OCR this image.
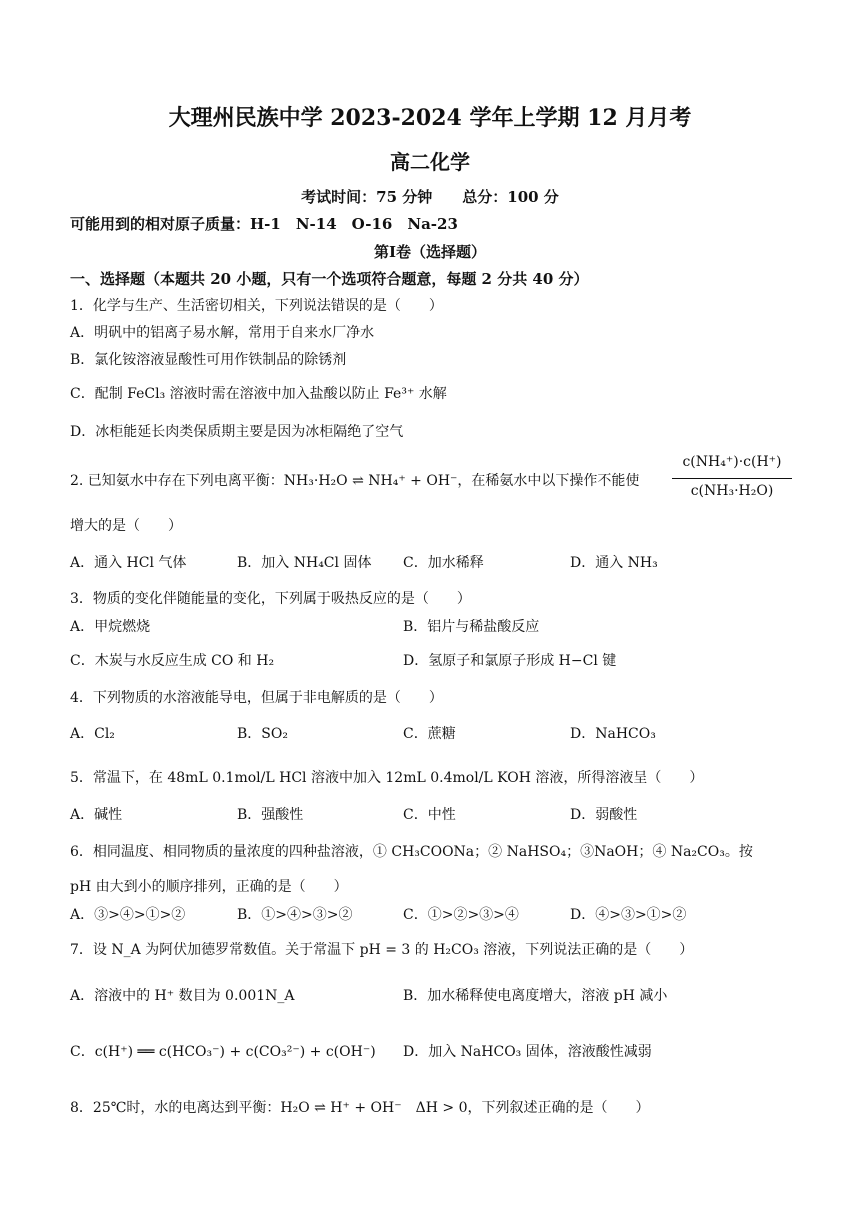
大理州民族中学 2023-2024 学年上学期 12 月月考
高二化学
考试时间：75 分钟　　总分：100 分
可能用到的相对原子质量：H-1　N-14　O-16　Na-23
第Ⅰ卷（选择题）
一、选择题（本题共 20 小题，只有一个选项符合题意，每题 2 分共 40 分）
1．化学与生产、生活密切相关，下列说法错误的是（　　）
A．明矾中的铝离子易水解，常用于自来水厂净水
B．氯化铵溶液显酸性可用作铁制品的除锈剂
C．配制 FeCl₃ 溶液时需在溶液中加入盐酸以防止 Fe³⁺ 水解
D．冰柜能延长肉类保质期主要是因为冰柜隔绝了空气
2. 已知氨水中存在下列电离平衡：NH₃·H₂O ⇌ NH₄⁺ + OH⁻，在稀氨水中以下操作不能使
c(NH₄⁺)·c(H⁺)
c(NH₃·H₂O)
增大的是（　　）
A．通入 HCl 气体	B．加入 NH₄Cl 固体 C．加水稀释	D．通入 NH₃
3．物质的变化伴随能量的变化，下列属于吸热反应的是（　　）
A．甲烷燃烧	B．铝片与稀盐酸反应
C．木炭与水反应生成 CO 和 H₂	D．氢原子和氯原子形成 H−Cl 键
4．下列物质的水溶液能导电，但属于非电解质的是（　　）
A．Cl₂	B．SO₂	C．蔗糖	D．NaHCO₃
5．常温下，在 48mL 0.1mol/L HCl 溶液中加入 12mL 0.4mol/L KOH 溶液，所得溶液呈（　　）
A．碱性	B．强酸性	C．中性	D．弱酸性
6．相同温度、相同物质的量浓度的四种盐溶液，① CH₃COONa；② NaHSO₄；③NaOH；④ Na₂CO₃。按
pH 由大到小的顺序排列，正确的是（　　）
A．③>④>①>②	B．①>④>③>②	C．①>②>③>④	D．④>③>①>②
7．设 N_A 为阿伏加德罗常数值。关于常温下 pH = 3 的 H₂CO₃ 溶液，下列说法正确的是（　　）
A．溶液中的 H⁺ 数目为 0.001N_A	B．加水稀释使电离度增大，溶液 pH 减小
C．c(H⁺) ══ c(HCO₃⁻) + c(CO₃²⁻) + c(OH⁻) D．加入 NaHCO₃ 固体，溶液酸性减弱
8．25℃时，水的电离达到平衡：H₂O ⇌ H⁺ + OH⁻　ΔH > 0，下列叙述正确的是（　　）
